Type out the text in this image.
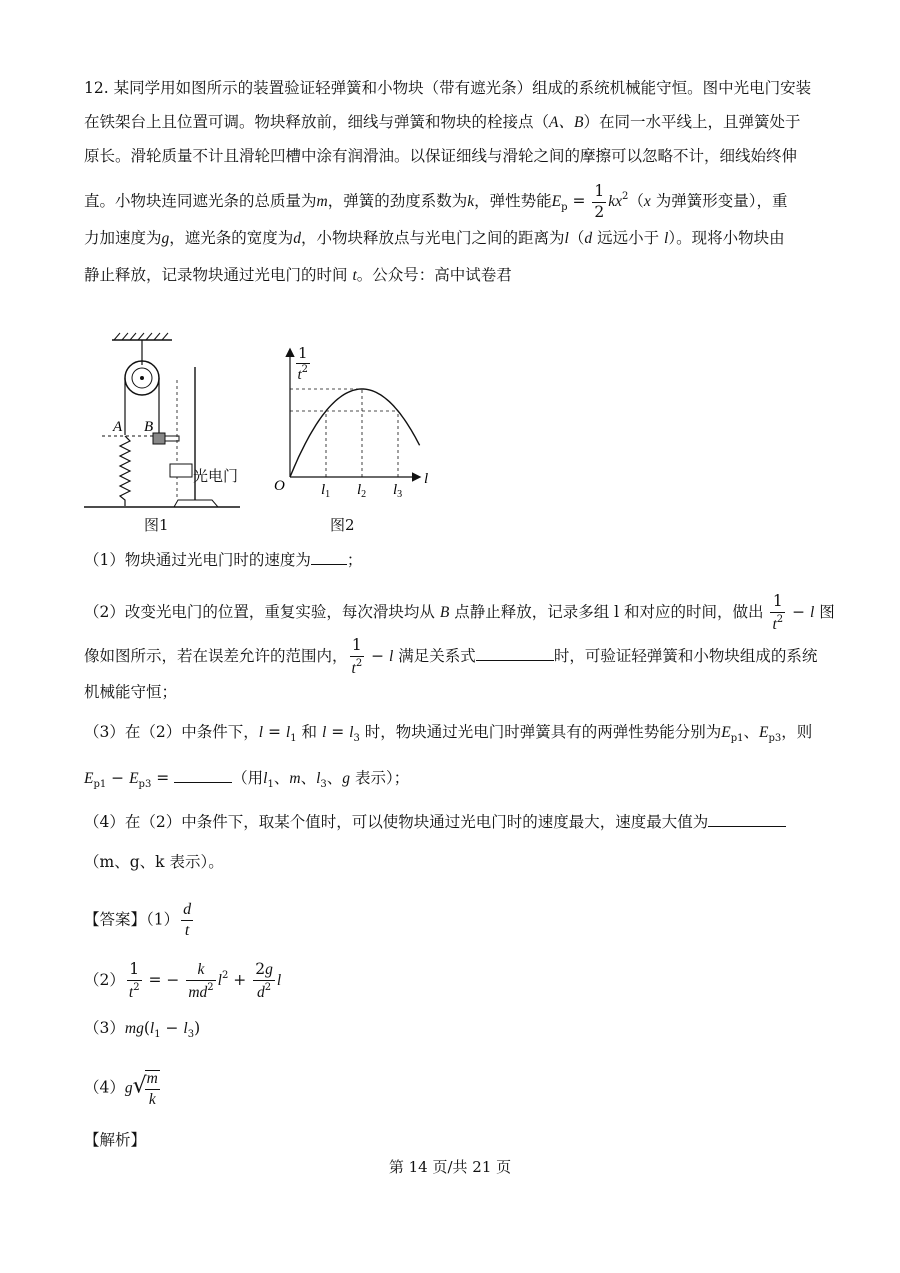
12. 某同学用如图所示的装置验证轻弹簧和小物块（带有遮光条）组成的系统机械能守恒。图中光电门安装
在铁架台上且位置可调。物块释放前，细线与弹簧和物块的栓接点（A、B）在同一水平线上，且弹簧处于
原长。滑轮质量不计且滑轮凹槽中涂有润滑油。以保证细线与滑轮之间的摩擦可以忽略不计，细线始终伸
直。小物块连同遮光条的总质量为m，弹簧的劲度系数为k，弹性势能$E_p = \frac{1}{2} kx^2(x$ 为弹簧形变量），重
力加速度为g，遮光条的宽度为d，小物块释放点与光电门之间的距离为l（d 远远小于 l）。现将小物块由
静止释放，记录物块通过光电门的时间 t。公众号：高中试卷君
A B
光电门
图1
$l_1$ $l_2$ $l_3$
O	l
1
$t^2$
图2
（1）物块通过光电门时的速度为 ；
（2）改变光电门的位置，重复实验，每次滑块均从 B 点静止释放，记录多组 l 和对应的时间，做出 $\frac{1}{t^2} - l$ 图
像如图所示，若在误差允许的范围内， $\frac{1}{t^2} - l$ 满足关系式	时，可验证轻弹簧和小物块组成的系统
机械能守恒；
（3）在（2）中条件下，$l = l_1$ 和 $l = l_3$ 时，物块通过光电门时弹簧具有的两弹性势能分别为$E_{p1}$、$E_{p3}$，则
$E_{p1} - E_{p3}$ =	（用$l_1$、m、$l_3$、g 表示）；
（4）在（2）中条件下，取某个值时，可以使物块通过光电门时的速度最大，速度最大值为
（m、g、k 表示）。
【答案】$(1) \frac{d}{t}$
$(2) \frac{1}{t^2}$ = − $\frac{k}{md^2} l^2 + \frac{2g}{d^2}$ l
$(3)mg(l_1 - l_3)$
（4）g√
$\frac{m}{k}$
【解析】
第 14 页/共 21 页
